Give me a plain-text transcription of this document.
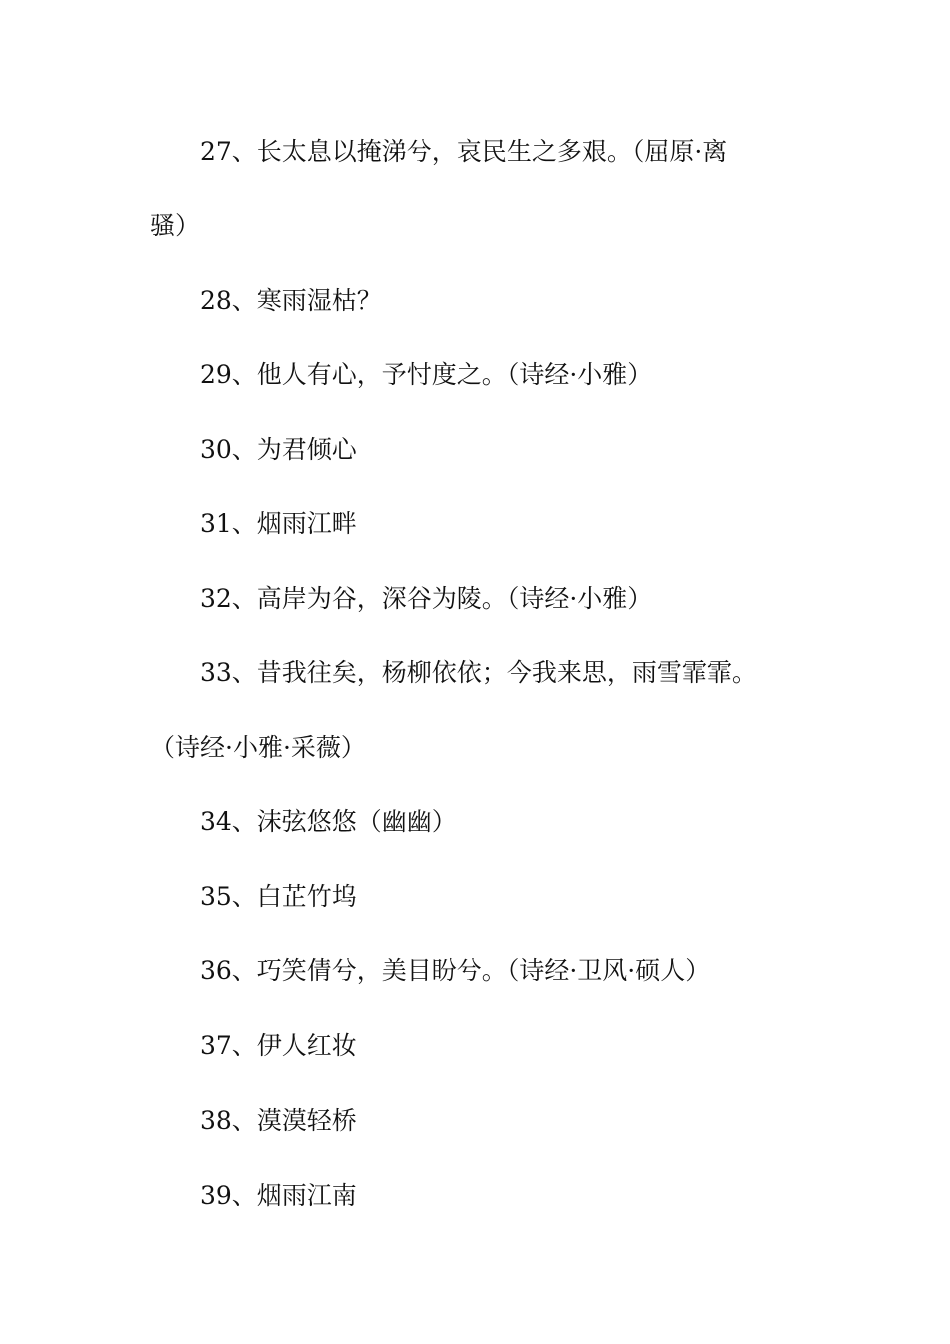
27、长太息以掩涕兮，哀民生之多艰。（屈原·离
骚）
28、寒雨湿枯？
29、他人有心，予忖度之。（诗经·小雅）
30、为君倾心
31、烟雨江畔
32、高岸为谷，深谷为陵。（诗经·小雅）
33、昔我往矣，杨柳依依；今我来思，雨雪霏霏。
（诗经·小雅·采薇）
34、沫弦悠悠（幽幽）
35、白芷竹坞
36、巧笑倩兮，美目盼兮。（诗经·卫风·硕人）
37、伊人红妆
38、漠漠轻桥
39、烟雨江南
